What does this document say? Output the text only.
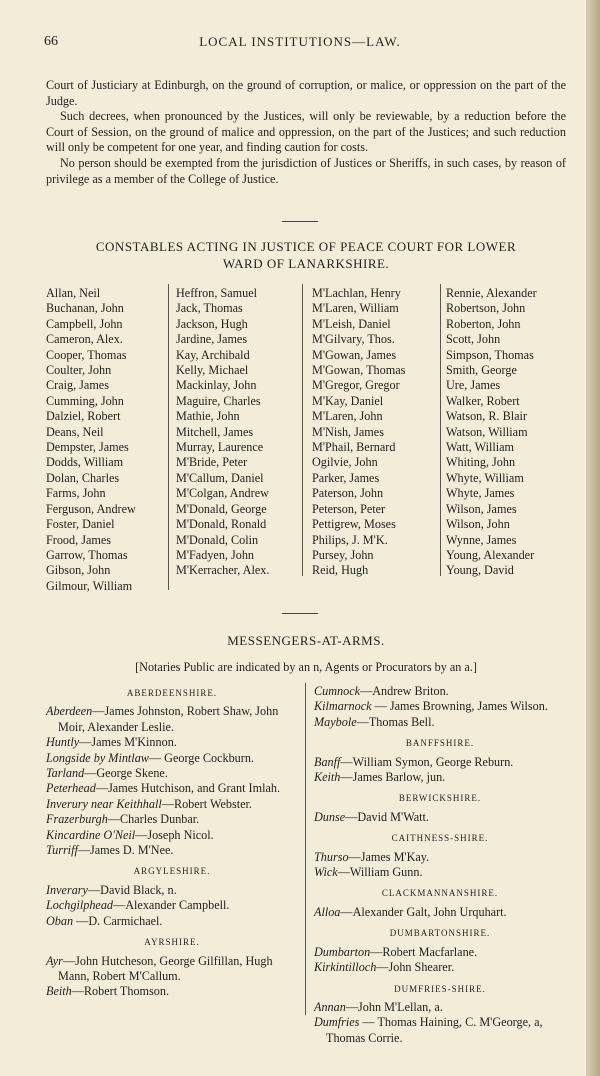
66	LOCAL INSTITUTIONS—LAW.

Court of Justiciary at Edinburgh, on the ground of corruption, or malice, or oppression on the part of the Judge.

Such decrees, when pronounced by the Justices, will only be reviewable, by a reduction before the Court of Session, on the ground of malice and oppression, on the part of the Justices; and such reduction will only be competent for one year, and finding caution for costs.

No person should be exempted from the jurisdiction of Justices or Sheriffs, in such cases, by reason of privilege as a member of the College of Justice.

CONSTABLES ACTING IN JUSTICE OF PEACE COURT FOR LOWER
WARD OF LANARKSHIRE.
Allan, Neil
Buchanan, John
Campbell, John
Cameron, Alex.
Cooper, Thomas
Coulter, John
Craig, James
Cumming, John
Dalziel, Robert
Deans, Neil
Dempster, James
Dodds, William
Dolan, Charles
Farms, John
Ferguson, Andrew
Foster, Daniel
Frood, James
Garrow, Thomas
Gibson, John
Gilmour, William
Heffron, Samuel
Jack, Thomas
Jackson, Hugh
Jardine, James
Kay, Archibald
Kelly, Michael
Mackinlay, John
Maguire, Charles
Mathie, John
Mitchell, James
Murray, Laurence
M'Bride, Peter
M'Callum, Daniel
M'Colgan, Andrew
M'Donald, George
M'Donald, Ronald
M'Donald, Colin
M'Fadyen, John
M'Kerracher, Alex.
M'Lachlan, Henry
M'Laren, William
M'Leish, Daniel
M'Gilvary, Thos.
M'Gowan, James
M'Gowan, Thomas
M'Gregor, Gregor
M'Kay, Daniel
M'Laren, John
M'Nish, James
M'Phail, Bernard
Ogilvie, John
Parker, James
Paterson, John
Peterson, Peter
Pettigrew, Moses
Philips, J. M'K.
Pursey, John
Reid, Hugh
Rennie, Alexander
Robertson, John
Roberton, John
Scott, John
Simpson, Thomas
Smith, George
Ure, James
Walker, Robert
Watson, R. Blair
Watson, William
Watt, William
Whiting, John
Whyte, William
Whyte, James
Wilson, James
Wilson, John
Wynne, James
Young, Alexander
Young, David
MESSENGERS-AT-ARMS.
[Notaries Public are indicated by an n, Agents or Procurators by an a.]
ABERDEENSHIRE.
Aberdeen—James Johnston, Robert Shaw, John Moir, Alexander Leslie.
Huntly—James M'Kinnon.
Longside by Mintlaw— George Cockburn.
Tarland—George Skene.
Peterhead—James Hutchison, and Grant Imlah.
Inverury near Keithhall—Robert Webster.
Frazerburgh—Charles Dunbar.
Kincardine O'Neil—Joseph Nicol.
Turriff—James D. M'Nee.
ARGYLESHIRE.
Inverary—David Black, n.
Lochgilphead—Alexander Campbell.
Oban —D. Carmichael.
AYRSHIRE.
Ayr—John Hutcheson, George Gilfillan, Hugh Mann, Robert M'Callum.
Beith—Robert Thomson.
Cumnock—Andrew Briton.
Kilmarnock — James Browning, James Wilson.
Maybole—Thomas Bell.
BANFFSHIRE.
Banff—William Symon, George Reburn.
Keith—James Barlow, jun.
BERWICKSHIRE.
Dunse—David M'Watt.
CAITHNESS-SHIRE.
Thurso—James M'Kay.
Wick—William Gunn.
CLACKMANNANSHIRE.
Alloa—Alexander Galt, John Urquhart.
DUMBARTONSHIRE.
Dumbarton—Robert Macfarlane.
Kirkintilloch—John Shearer.
DUMFRIES-SHIRE.
Annan—John M'Lellan, a.
Dumfries — Thomas Haining, C. M'George, a, Thomas Corrie.
